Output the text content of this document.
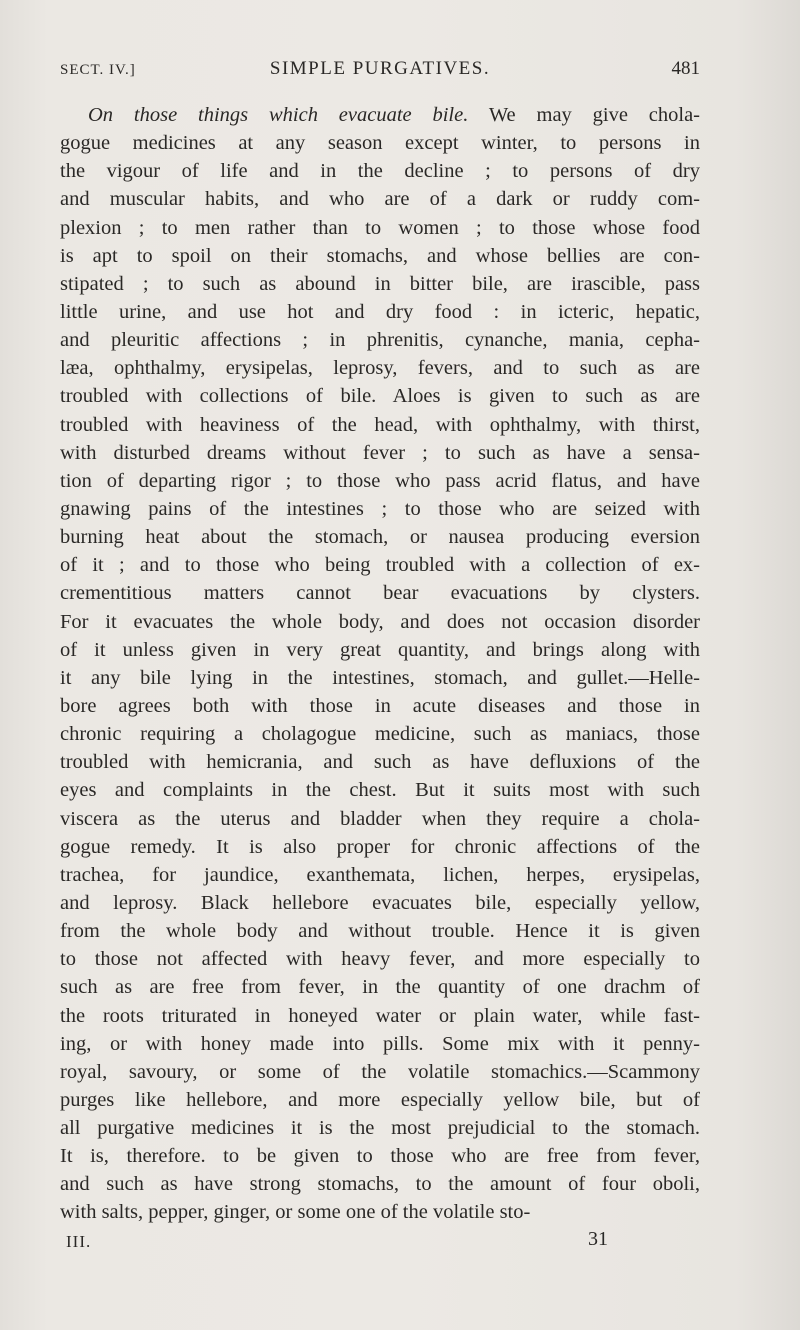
SECT. IV.]	SIMPLE PURGATIVES.	481
On those things which evacuate bile. We may give chola-
gogue medicines at any season except winter, to persons in
the vigour of life and in the decline ; to persons of dry
and muscular habits, and who are of a dark or ruddy com-
plexion ; to men rather than to women ; to those whose food
is apt to spoil on their stomachs, and whose bellies are con-
stipated ; to such as abound in bitter bile, are irascible, pass
little urine, and use hot and dry food : in icteric, hepatic,
and pleuritic affections ; in phrenitis, cynanche, mania, cepha-
læa, ophthalmy, erysipelas, leprosy, fevers, and to such as are
troubled with collections of bile. Aloes is given to such as are
troubled with heaviness of the head, with ophthalmy, with thirst,
with disturbed dreams without fever ; to such as have a sensa-
tion of departing rigor ; to those who pass acrid flatus, and have
gnawing pains of the intestines ; to those who are seized with
burning heat about the stomach, or nausea producing eversion
of it ; and to those who being troubled with a collection of ex-
crementitious matters cannot bear evacuations by clysters.
For it evacuates the whole body, and does not occasion disorder
of it unless given in very great quantity, and brings along with
it any bile lying in the intestines, stomach, and gullet.—Helle-
bore agrees both with those in acute diseases and those in
chronic requiring a cholagogue medicine, such as maniacs, those
troubled with hemicrania, and such as have defluxions of the
eyes and complaints in the chest. But it suits most with such
viscera as the uterus and bladder when they require a chola-
gogue remedy. It is also proper for chronic affections of the
trachea, for jaundice, exanthemata, lichen, herpes, erysipelas,
and leprosy. Black hellebore evacuates bile, especially yellow,
from the whole body and without trouble. Hence it is given
to those not affected with heavy fever, and more especially to
such as are free from fever, in the quantity of one drachm of
the roots triturated in honeyed water or plain water, while fast-
ing, or with honey made into pills. Some mix with it penny-
royal, savoury, or some of the volatile stomachics.—Scammony
purges like hellebore, and more especially yellow bile, but of
all purgative medicines it is the most prejudicial to the stomach.
It is, therefore. to be given to those who are free from fever,
and such as have strong stomachs, to the amount of four oboli,
with salts, pepper, ginger, or some one of the volatile sto-
III.	31
